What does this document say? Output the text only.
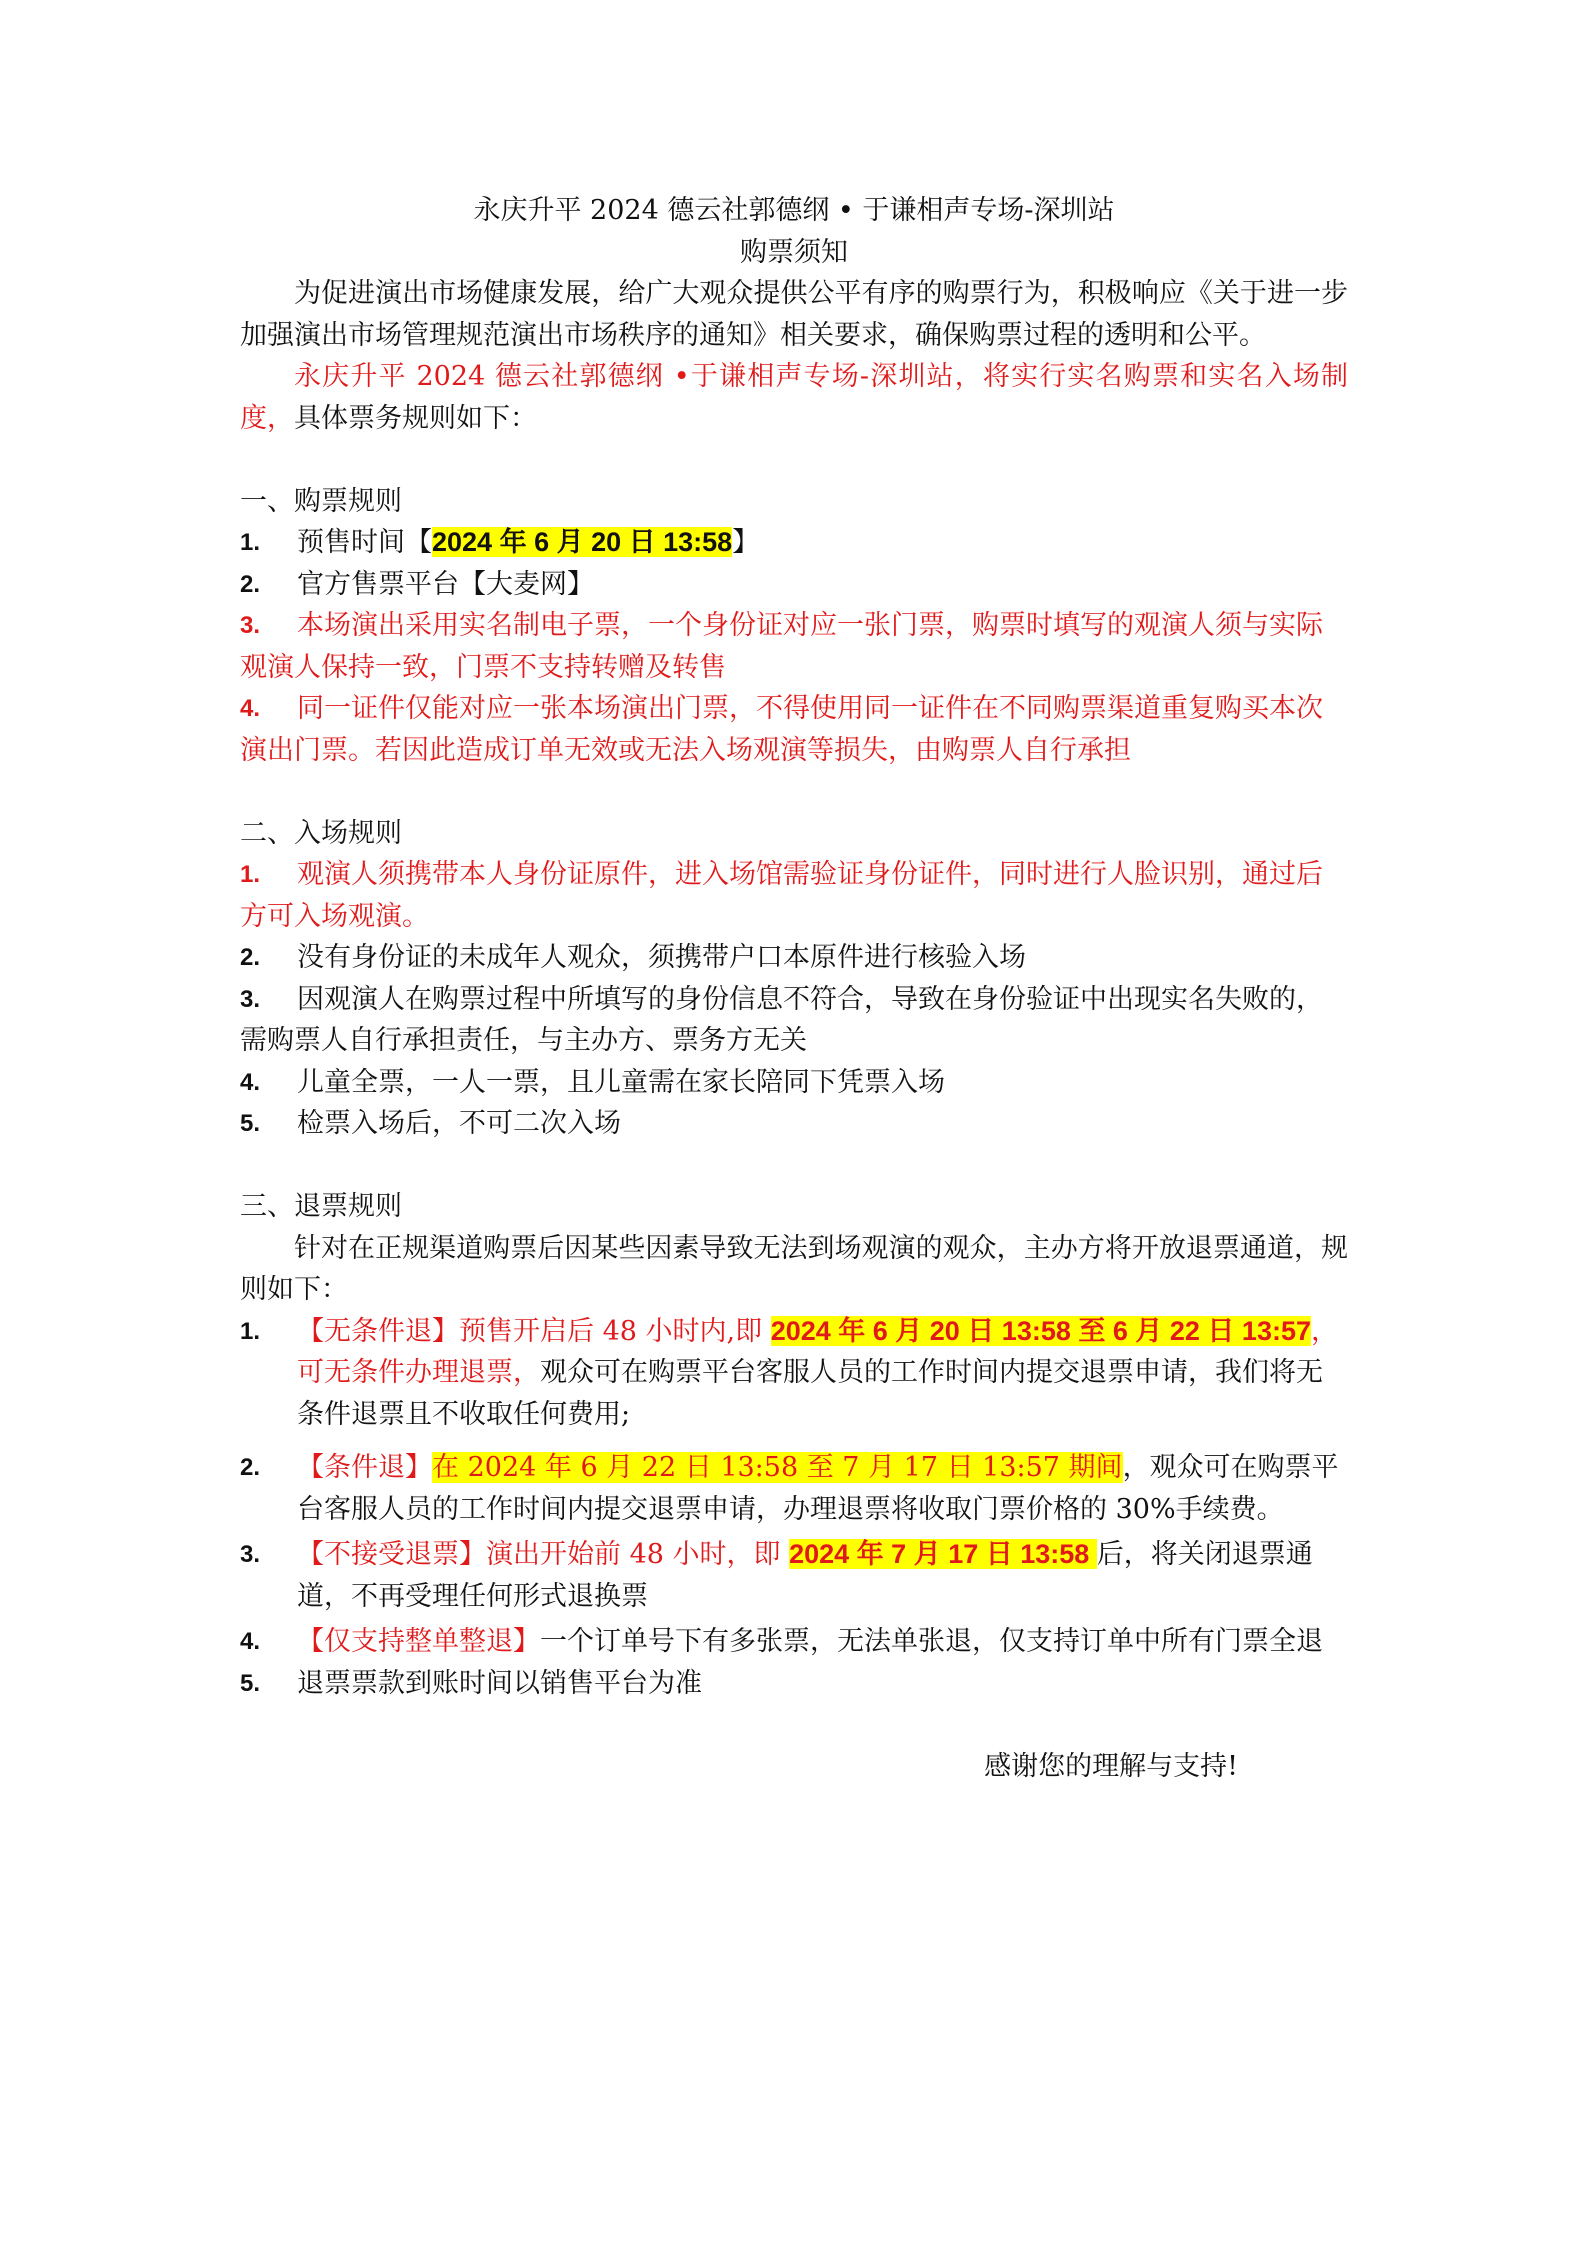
永庆升平 2024 德云社郭德纲 • 于谦相声专场-深圳站
购票须知
为促进演出市场健康发展，给广大观众提供公平有序的购票行为，积极响应《关于进一步加强演出市场管理规范演出市场秩序的通知》相关要求，确保购票过程的透明和公平。
永庆升平 2024 德云社郭德纲 •于谦相声专场-深圳站，将实行实名购票和实名入场制度，具体票务规则如下：
一、购票规则
1.	预售时间【2024 年 6 月 20 日 13:58】
2.	官方售票平台【大麦网】
3.	本场演出采用实名制电子票，一个身份证对应一张门票，购票时填写的观演人须与实际观演人保持一致，门票不支持转赠及转售
4.	同一证件仅能对应一张本场演出门票，不得使用同一证件在不同购票渠道重复购买本次演出门票。若因此造成订单无效或无法入场观演等损失，由购票人自行承担
二、入场规则
1.	观演人须携带本人身份证原件，进入场馆需验证身份证件，同时进行人脸识别，通过后方可入场观演。
2.	没有身份证的未成年人观众，须携带户口本原件进行核验入场
3.	因观演人在购票过程中所填写的身份信息不符合，导致在身份验证中出现实名失败的，需购票人自行承担责任，与主办方、票务方无关
4.	儿童全票，一人一票，且儿童需在家长陪同下凭票入场
5.	检票入场后，不可二次入场
三、退票规则
针对在正规渠道购票后因某些因素导致无法到场观演的观众，主办方将开放退票通道，规则如下：
1.	【无条件退】预售开启后 48 小时内,即 2024 年 6 月 20 日 13:58 至 6 月 22 日 13:57，可无条件办理退票，观众可在购票平台客服人员的工作时间内提交退票申请，我们将无条件退票且不收取任何费用;
2.	【条件退】在 2024 年 6 月 22 日 13:58 至 7 月 17 日 13:57 期间，观众可在购票平台客服人员的工作时间内提交退票申请，办理退票将收取门票价格的 30%手续费。
3.	【不接受退票】演出开始前 48 小时，即 2024 年 7 月 17 日 13:58 后，将关闭退票通道，不再受理任何形式退换票
4.	【仅支持整单整退】一个订单号下有多张票，无法单张退，仅支持订单中所有门票全退
5.	退票票款到账时间以销售平台为准
感谢您的理解与支持!
